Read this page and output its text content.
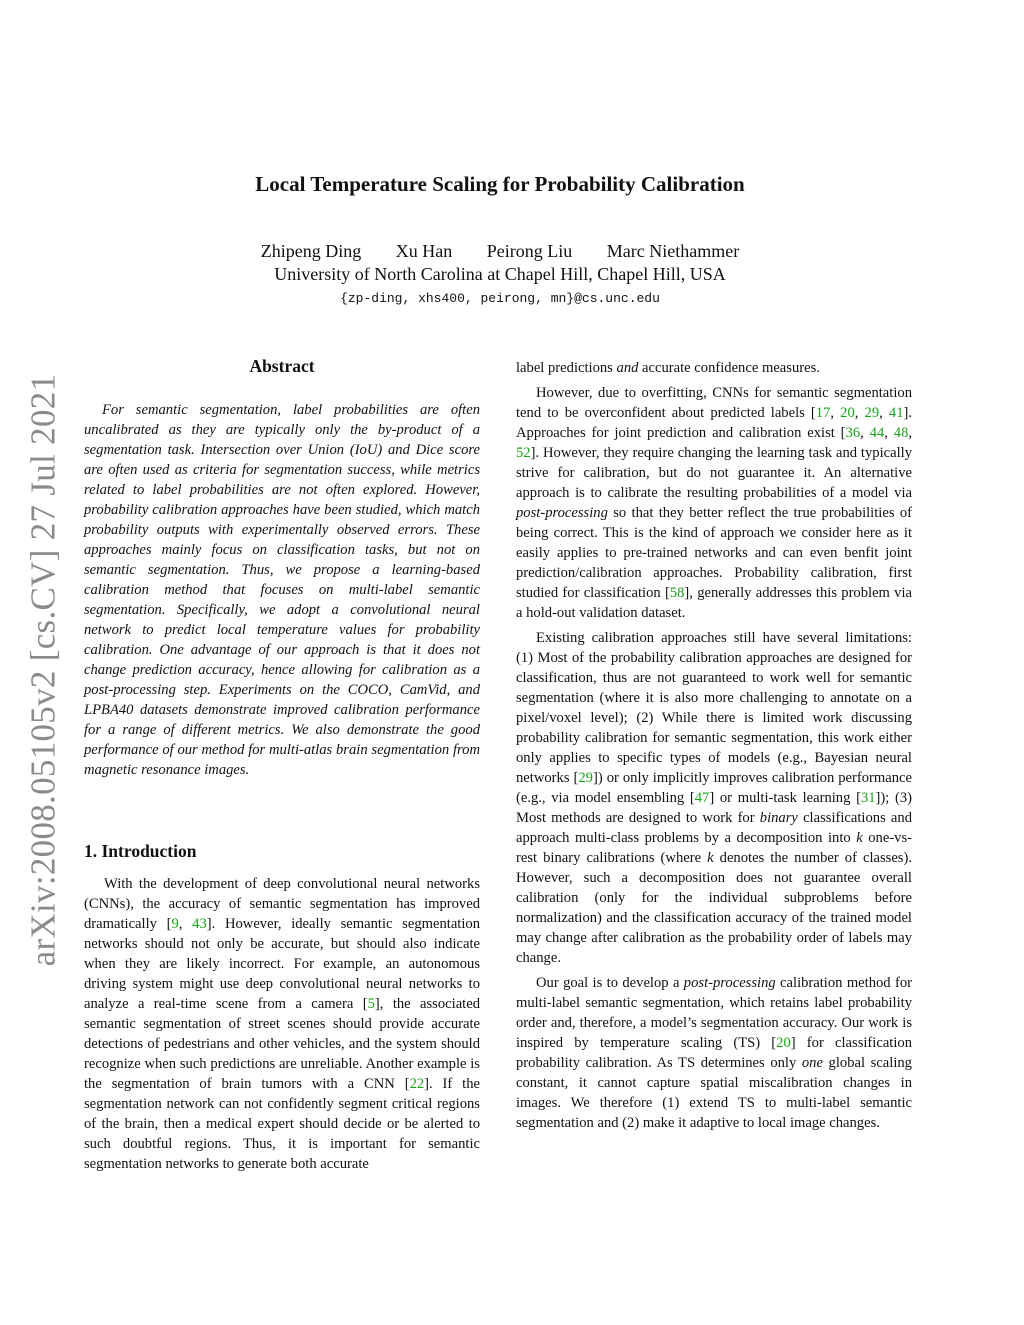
arXiv:2008.05105v2 [cs.CV] 27 Jul 2021
Local Temperature Scaling for Probability Calibration
Zhipeng Ding Xu Han Peirong Liu Marc Niethammer
University of North Carolina at Chapel Hill, Chapel Hill, USA
{zp-ding, xhs400, peirong, mn}@cs.unc.edu
Abstract

For semantic segmentation, label probabilities are often uncalibrated as they are typically only the by-product of a segmentation task. Intersection over Union (IoU) and Dice score are often used as criteria for segmentation success, while metrics related to label probabilities are not often explored. However, probability calibration approaches have been studied, which match probability outputs with experimentally observed errors. These approaches mainly focus on classification tasks, but not on semantic segmentation. Thus, we propose a learning-based calibration method that focuses on multi-label semantic segmentation. Specifically, we adopt a convolutional neural network to predict local temperature values for probability calibration. One advantage of our approach is that it does not change prediction accuracy, hence allowing for calibration as a post-processing step. Experiments on the COCO, CamVid, and LPBA40 datasets demonstrate improved calibration performance for a range of different metrics. We also demonstrate the good performance of our method for multi-atlas brain segmentation from magnetic resonance images.

1. Introduction

With the development of deep convolutional neural networks (CNNs), the accuracy of semantic segmentation has improved dramatically [9, 43]. However, ideally semantic segmentation networks should not only be accurate, but should also indicate when they are likely incorrect. For example, an autonomous driving system might use deep convolutional neural networks to analyze a real-time scene from a camera [5], the associated semantic segmentation of street scenes should provide accurate detections of pedestrians and other vehicles, and the system should recognize when such predictions are unreliable. Another example is the segmentation of brain tumors with a CNN [22]. If the segmentation network can not confidently segment critical regions of the brain, then a medical expert should decide or be alerted to such doubtful regions. Thus, it is important for semantic segmentation networks to generate both accurate

label predictions and accurate confidence measures.

However, due to overfitting, CNNs for semantic segmentation tend to be overconfident about predicted labels [17, 20, 29, 41]. Approaches for joint prediction and calibration exist [36, 44, 48, 52]. However, they require changing the learning task and typically strive for calibration, but do not guarantee it. An alternative approach is to calibrate the resulting probabilities of a model via post-processing so that they better reflect the true probabilities of being correct. This is the kind of approach we consider here as it easily applies to pre-trained networks and can even benfit joint prediction/calibration approaches. Probability calibration, first studied for classification [58], generally addresses this problem via a hold-out validation dataset.

Existing calibration approaches still have several limitations: (1) Most of the probability calibration approaches are designed for classification, thus are not guaranteed to work well for semantic segmentation (where it is also more challenging to annotate on a pixel/voxel level); (2) While there is limited work discussing probability calibration for semantic segmentation, this work either only applies to specific types of models (e.g., Bayesian neural networks [29]) or only implicitly improves calibration performance (e.g., via model ensembling [47] or multi-task learning [31]); (3) Most methods are designed to work for binary classifications and approach multi-class problems by a decomposition into k one-vs-rest binary calibrations (where k denotes the number of classes). However, such a decomposition does not guarantee overall calibration (only for the individual subproblems before normalization) and the classification accuracy of the trained model may change after calibration as the probability order of labels may change.

Our goal is to develop a post-processing calibration method for multi-label semantic segmentation, which retains label probability order and, therefore, a model’s segmentation accuracy. Our work is inspired by temperature scaling (TS) [20] for classification probability calibration. As TS determines only one global scaling constant, it cannot capture spatial miscalibration changes in images. We therefore (1) extend TS to multi-label semantic segmentation and (2) make it adaptive to local image changes.
